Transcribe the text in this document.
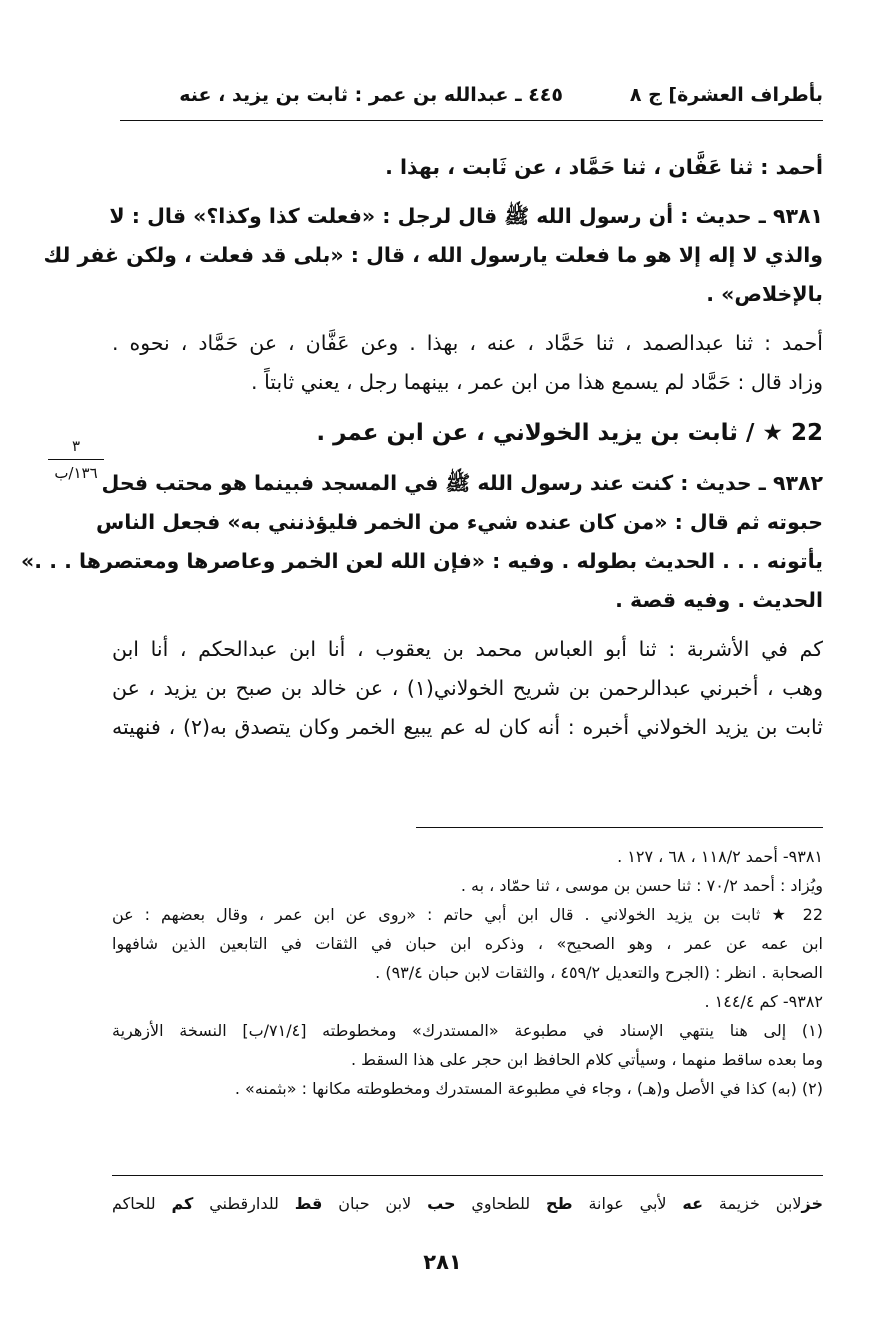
بأطراف العشرة] ج ٨
٤٤٥ ـ عبدالله بن عمر : ثابت بن يزيد ، عنه
٣
١٣٦/ب
أحمد : ثنا عَفَّان ، ثنا حَمَّاد ، عن ثَابت ، بهذا .
٩٣٨١ ـ حديث : أن رسول الله ﷺ قال لرجل : «فعلت كذا وكذا؟» قال : لا
والذي لا إله إلا هو ما فعلت يارسول الله ، قال : «بلى قد فعلت ، ولكن غفر لك
بالإخلاص» .
أحمد : ثنا عبدالصمد ، ثنا حَمَّاد ، عنه ، بهذا . وعن عَفَّان ، عن حَمَّاد ، نحوه .
وزاد قال : حَمَّاد لم يسمع هذا من ابن عمر ، بينهما رجل ، يعني ثابتاً .
22 ★ / ثابت بن يزيد الخولاني ، عن ابن عمر .
٩٣٨٢ ـ حديث : كنت عند رسول الله ﷺ في المسجد فبينما هو محتب فحل
حبوته ثم قال : «من كان عنده شيء من الخمر فليؤذنني به» فجعل الناس
يأتونه . . . الحديث بطوله . وفيه : «فإن الله لعن الخمر وعاصرها ومعتصرها . . .»
الحديث . وفيه قصة .
كم في الأشربة : ثنا أبو العباس محمد بن يعقوب ، أنا ابن عبدالحكم ، أنا ابن
وهب ، أخبرني عبدالرحمن بن شريح الخولاني(١) ، عن خالد بن صبح بن يزيد ، عن
ثابت بن يزيد الخولاني أخبره : أنه كان له عم يبيع الخمر وكان يتصدق به(٢) ، فنهيته
٩٣٨١- أحمد ١١٨/٢ ، ٦٨ ، ١٢٧ .
ويُزاد : أحمد ٧٠/٢ : ثنا حسن بن موسى ، ثنا حمّاد ، به .
22 ★ ثابت بن يزيد الخولاني . قال ابن أبي حاتم : «روى عن ابن عمر ، وقال بعضهم : عن
ابن عمه عن عمر ، وهو الصحيح» ، وذكره ابن حبان في الثقات في التابعين الذين شافهوا
الصحابة . انظر : (الجرح والتعديل ٤٥٩/٢ ، والثقات لابن حبان ٩٣/٤) .
٩٣٨٢- كم ١٤٤/٤ .
(١) إلى هنا ينتهي الإسناد في مطبوعة «المستدرك» ومخطوطته [٧١/٤/ب] النسخة الأزهرية
وما بعده ساقط منهما ، وسيأتي كلام الحافظ ابن حجر على هذا السقط .
(٢) (به) كذا في الأصل و(هـ) ، وجاء في مطبوعة المستدرك ومخطوطته مكانها : «بثمنه» .
خزلابن خزيمة عه لأبي عوانة طح للطحاوي حب لابن حبان قط للدارقطني كم للحاكم
٢٨١
